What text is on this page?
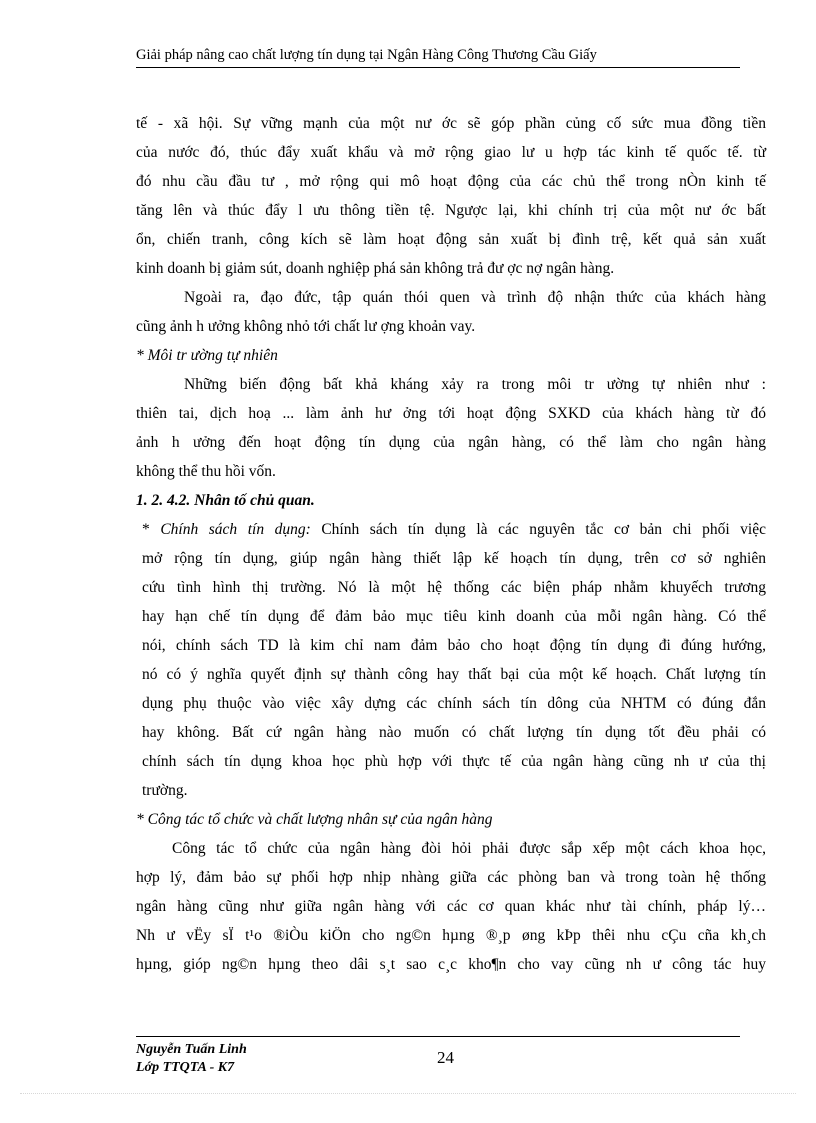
Giải pháp nâng cao chất lượng tín dụng tại Ngân Hàng Công Thương Cầu Giấy
tế - xã hội. Sự vững mạnh của một nư ớc sẽ góp phần củng cố sức mua đồng tiền
của nước đó, thúc đẩy xuất khẩu và mở rộng giao lư u hợp tác kinh tế quốc tế. từ
đó nhu cầu đầu tư , mở rộng qui mô hoạt động của các chủ thể trong nÒn kinh tế
tăng lên và thúc đẩy l ưu thông tiền tệ. Ngược lại, khi chính trị của một nư ớc bất
ổn, chiến tranh, công kích sẽ làm hoạt động sản xuất bị đình trệ, kết quả sản xuất
kinh doanh bị giảm sút, doanh nghiệp phá sản không trả đư ợc nợ ngân hàng.
Ngoài ra, đạo đức, tập quán thói quen và trình độ nhận thức của khách hàng
cũng ảnh h ưởng không nhỏ tới chất lư ợng khoản vay.
* Môi tr ường tự nhiên
Những biến động bất khả kháng xảy ra trong môi tr ường tự nhiên như :
thiên tai, dịch hoạ ... làm ảnh hư ởng tới hoạt động SXKD của khách hàng từ đó
ảnh h ưởng đến hoạt động tín dụng của ngân hàng, có thể làm cho ngân hàng
không thể thu hồi vốn.
1. 2. 4.2. Nhân tố chủ quan.
* Chính sách tín dụng: Chính sách tín dụng là các nguyên tắc cơ bản chi phối việc
mở rộng tín dụng, giúp ngân hàng thiết lập kế hoạch tín dụng, trên cơ sở nghiên
cứu tình hình thị trường. Nó là một hệ thống các biện pháp nhằm khuyếch trương
hay hạn chế tín dụng để đảm bảo mục tiêu kinh doanh của mỗi ngân hàng. Có thể
nói, chính sách TD là kim chỉ nam đảm bảo cho hoạt động tín dụng đi đúng hướng,
nó có ý nghĩa quyết định sự thành công hay thất bại của một kế hoạch. Chất lượng tín
dụng phụ thuộc vào việc xây dựng các chính sách tín dông của NHTM có đúng đắn
hay không. Bất cứ ngân hàng nào muốn có chất lượng tín dụng tốt đều phải có
chính sách tín dụng khoa học phù hợp với thực tế của ngân hàng cũng nh ư của thị
trường.
* Công tác tổ chức và chất lượng nhân sự của ngân hàng
Công tác tổ chức của ngân hàng đòi hỏi phải được sắp xếp một cách khoa học,
hợp lý, đảm bảo sự phối hợp nhịp nhàng giữa các phòng ban và trong toàn hệ thống
ngân hàng cũng như giữa ngân hàng với các cơ quan khác như tài chính, pháp lý…
Nh ư vËy sÏ t¹o ®iÒu kiÖn cho ng©n hµng ®¸p øng kÞp thêi nhu cÇu cña kh¸ch
hµng, gióp ng©n hµng theo dâi s¸t sao c¸c kho¶n cho vay cũng nh ư công tác huy
Nguyễn Tuấn Linh
Lớp TTQTA - K7
24
